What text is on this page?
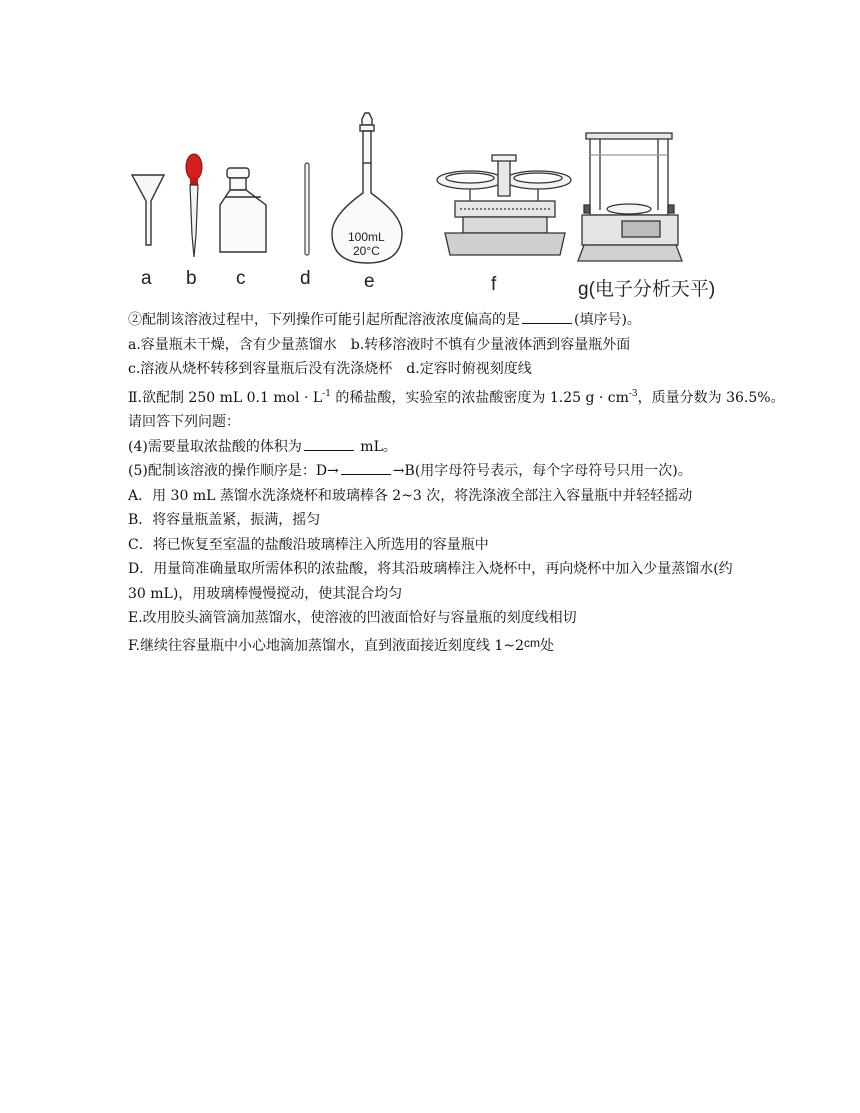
100mL
20°C
a b c	d	e	f	g(电子分析天平)
②配制该溶液过程中，下列操作可能引起所配溶液浓度偏高的是	(填序号)。
a.容量瓶未干燥，含有少量蒸馏水 b.转移溶液时不慎有少量液体洒到容量瓶外面
c.溶液从烧杯转移到容量瓶后没有洗涤烧杯 d.定容时俯视刻度线
Ⅱ.欲配制 250 mL 0.1 mol · $L^{-1}$ 的稀盐酸，实验室的浓盐酸密度为 1.25 $g \cdot cm^{-3}$，质量分数为 36.5%。
请回答下列问题：
(4)需要量取浓盐酸的体积为	mL。
(5)配制该溶液的操作顺序是：D→	→B(用字母符号表示，每个字母符号只用一次)。
A．用 30 mL 蒸馏水洗涤烧杯和玻璃棒各 2~3 次，将洗涤液全部注入容量瓶中并轻轻摇动
B．将容量瓶盖紧，振满，摇匀
C．将已恢复至室温的盐酸沿玻璃棒注入所选用的容量瓶中
D．用量筒准确量取所需体积的浓盐酸，将其沿玻璃棒注入烧杯中，再向烧杯中加入少量蒸馏水(约 30 mL)，用玻璃棒慢慢搅动，使其混合均匀
E.改用胶头滴管滴加蒸馏水，使溶液的凹液面恰好与容量瓶的刻度线相切
F.继续往容量瓶中小心地滴加蒸馏水，直到液面接近刻度线 1~2cm处
